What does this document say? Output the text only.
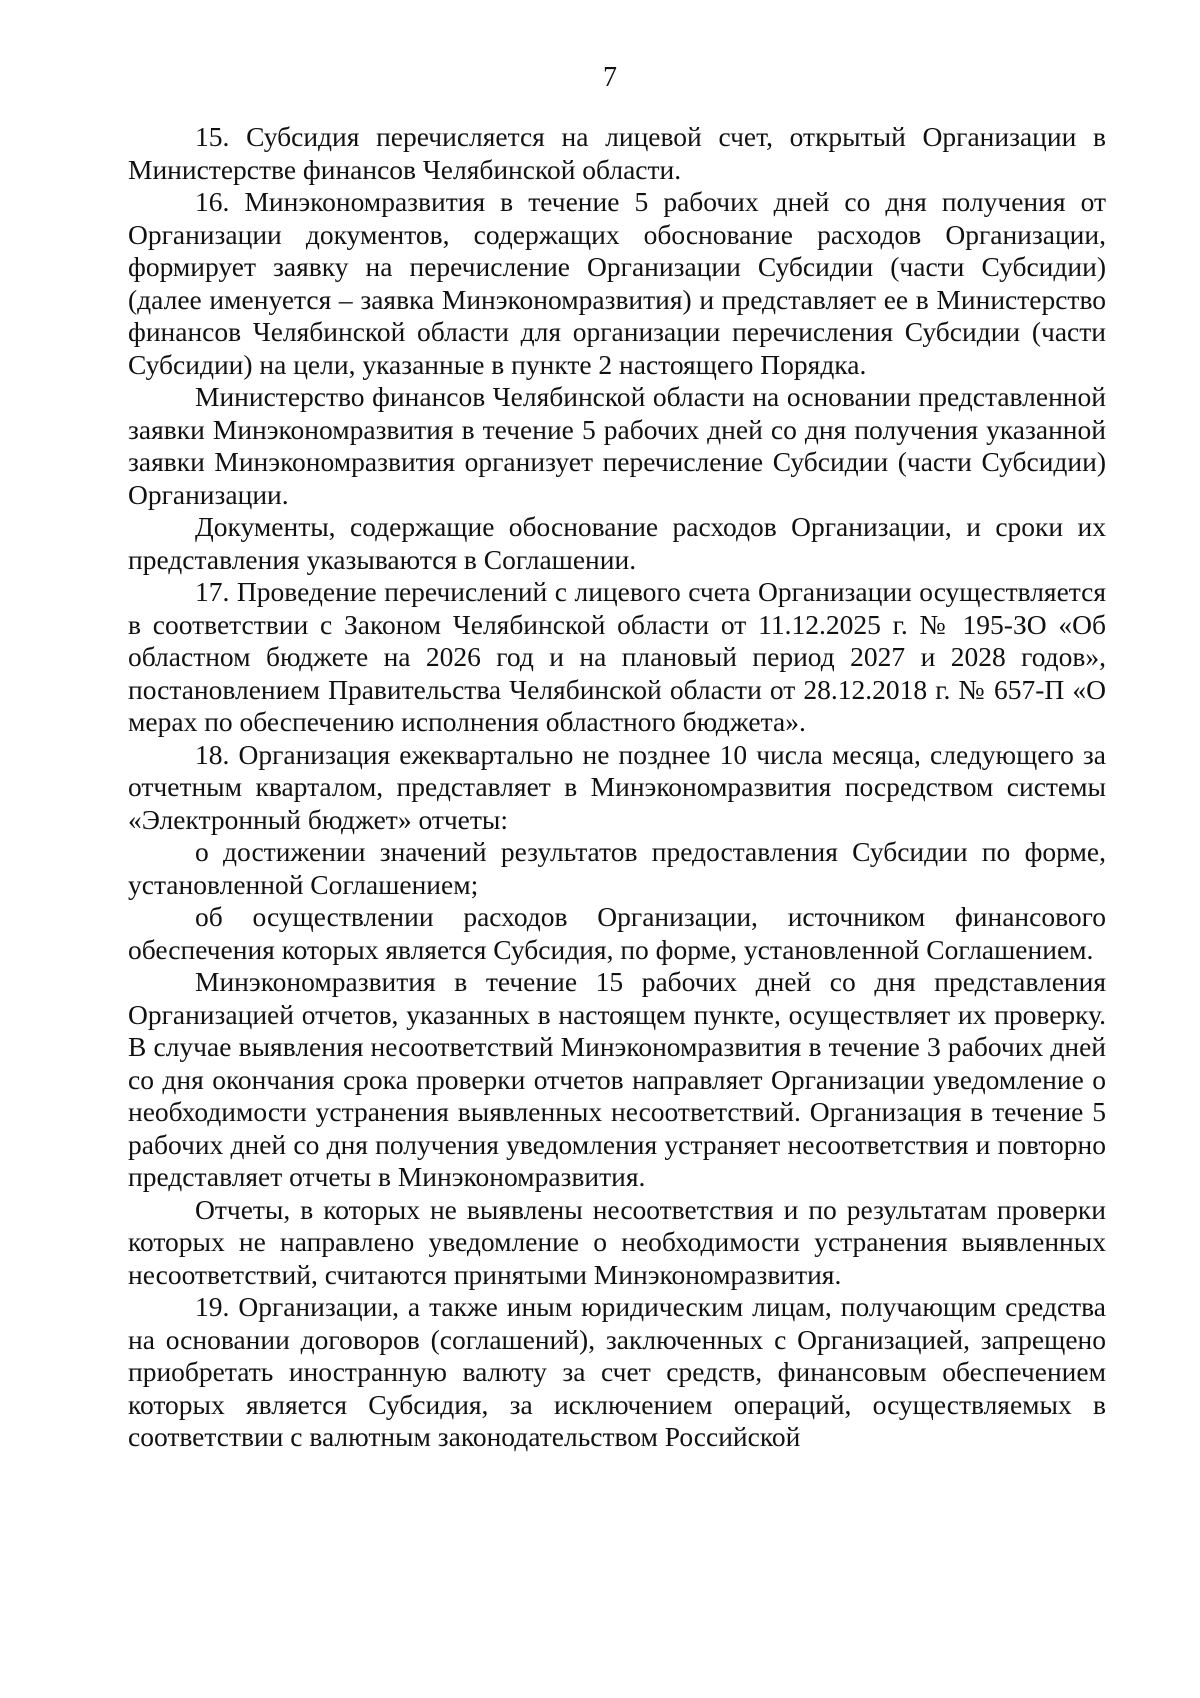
7

15. Субсидия перечисляется на лицевой счет, открытый Организации в Министерстве финансов Челябинской области.

16. Минэкономразвития в течение 5 рабочих дней со дня получения от Организации документов, содержащих обоснование расходов Организации, формирует заявку на перечисление Организации Субсидии (части Субсидии) (далее именуется – заявка Минэкономразвития) и представляет ее в Министерство финансов Челябинской области для организации перечисления Субсидии (части Субсидии) на цели, указанные в пункте 2 настоящего Порядка.

Министерство финансов Челябинской области на основании представленной заявки Минэкономразвития в течение 5 рабочих дней со дня получения указанной заявки Минэкономразвития организует перечисление Субсидии (части Субсидии) Организации.

Документы, содержащие обоснование расходов Организации, и сроки их представления указываются в Соглашении.

17. Проведение перечислений с лицевого счета Организации осуществляется в соответствии с Законом Челябинской области от 11.12.2025 г. № 195-ЗО «Об областном бюджете на 2026 год и на плановый период 2027 и 2028 годов», постановлением Правительства Челябинской области от 28.12.2018 г. № 657-П «О мерах по обеспечению исполнения областного бюджета».

18. Организация ежеквартально не позднее 10 числа месяца, следующего за отчетным кварталом, представляет в Минэкономразвития посредством системы «Электронный бюджет» отчеты:

о достижении значений результатов предоставления Субсидии по форме, установленной Соглашением;

об осуществлении расходов Организации, источником финансового обеспечения которых является Субсидия, по форме, установленной Соглашением.

Минэкономразвития в течение 15 рабочих дней со дня представления Организацией отчетов, указанных в настоящем пункте, осуществляет их проверку. В случае выявления несоответствий Минэкономразвития в течение 3 рабочих дней со дня окончания срока проверки отчетов направляет Организации уведомление о необходимости устранения выявленных несоответствий. Организация в течение 5 рабочих дней со дня получения уведомления устраняет несоответствия и повторно представляет отчеты в Минэкономразвития.

Отчеты, в которых не выявлены несоответствия и по результатам проверки которых не направлено уведомление о необходимости устранения выявленных несоответствий, считаются принятыми Минэкономразвития.

19. Организации, а также иным юридическим лицам, получающим средства на основании договоров (соглашений), заключенных с Организацией, запрещено приобретать иностранную валюту за счет средств, финансовым обеспечением которых является Субсидия, за исключением операций, осуществляемых в соответствии с валютным законодательством Российской
